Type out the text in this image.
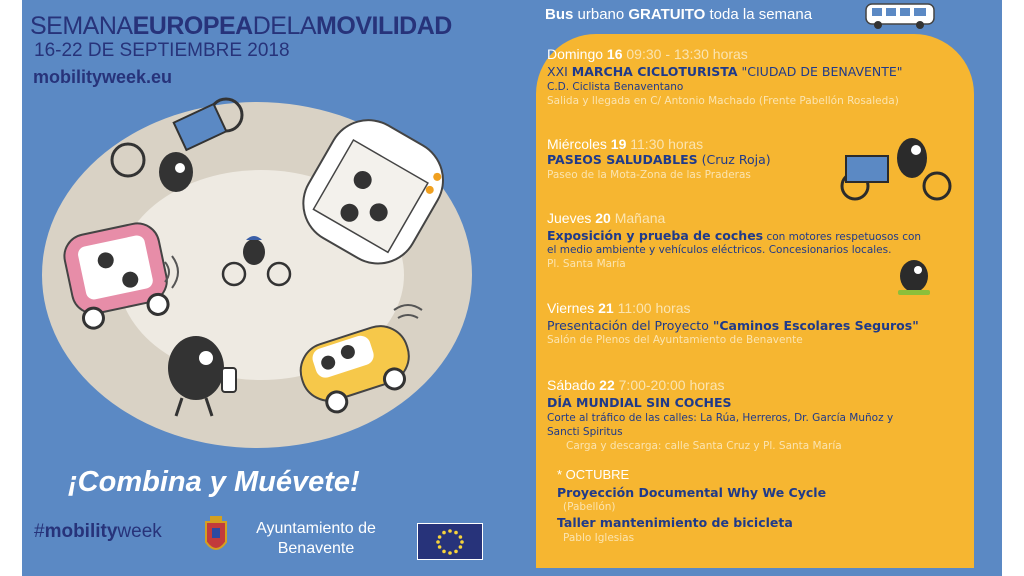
SEMANAEUROPEADELAMOVILIDAD
16-22 DE SEPTIEMBRE 2018
mobilityweek.eu
¡Combina y Muévete!
#mobilityweek	Ayuntamiento de Benavente
Bus urbano GRATUITO toda la semana
Domingo 16 09:30 - 13:30 horas
XXI MARCHA CICLOTURISTA "CIUDAD DE BENAVENTE"
C.D. Ciclista Benaventano
Salida y llegada en C/ Antonio Machado (Frente Pabellón Rosaleda)
Miércoles 19 11:30 horas
PASEOS SALUDABLES (Cruz Roja)
Paseo de la Mota-Zona de las Praderas
Jueves 20 Mañana
Exposición y prueba de coches con motores respetuosos con
el medio ambiente y vehículos eléctricos. Concesionarios locales.
Pl. Santa María
Viernes 21 11:00 horas
Presentación del Proyecto "Caminos Escolares Seguros"
Salón de Plenos del Ayuntamiento de Benavente
Sábado 22 7:00-20:00 horas
DÍA MUNDIAL SIN COCHES
Corte al tráfico de las calles: La Rúa, Herreros, Dr. García Muñoz y
Sancti Spiritus
Carga y descarga: calle Santa Cruz y Pl. Santa María
* OCTUBRE
Proyección Documental Why We Cycle
(Pabellón)
Taller mantenimiento de bicicleta
Pablo Iglesias
